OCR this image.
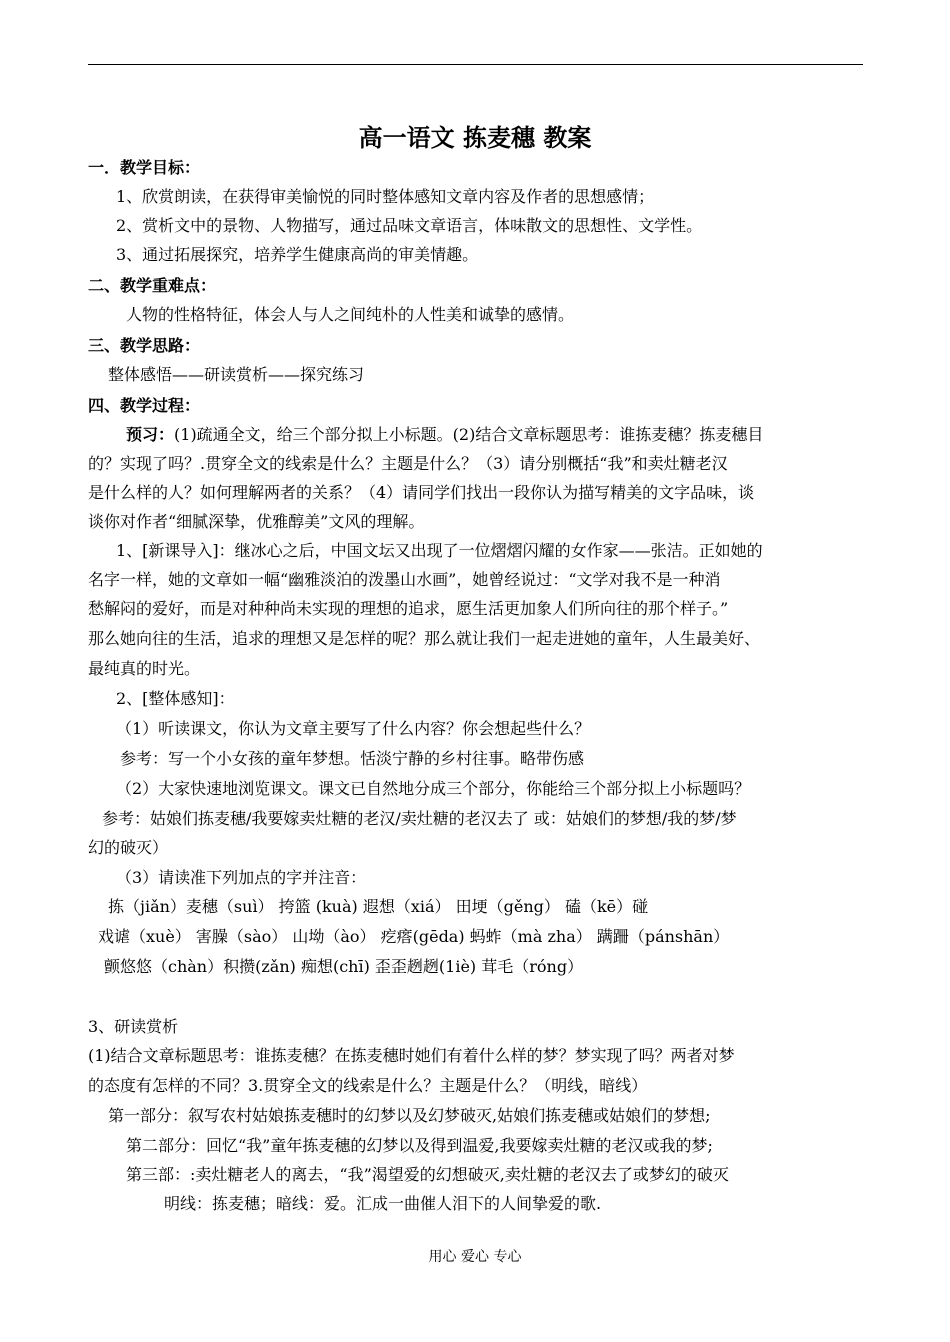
高一语文 拣麦穗 教案
一．教学目标：
1、欣赏朗读，在获得审美愉悦的同时整体感知文章内容及作者的思想感情；
2、赏析文中的景物、人物描写，通过品味文章语言，体味散文的思想性、文学性。
3、通过拓展探究，培养学生健康高尚的审美情趣。
二、教学重难点：
人物的性格特征，体会人与人之间纯朴的人性美和诚挚的感情。
三、教学思路：
整体感悟——研读赏析——探究练习
四、教学过程：
预习：(1)疏通全文，给三个部分拟上小标题。(2)结合文章标题思考：谁拣麦穗？拣麦穗目
的？实现了吗？.贯穿全文的线索是什么？主题是什么？（3）请分别概括“我”和卖灶糖老汉
是什么样的人？如何理解两者的关系？（4）请同学们找出一段你认为描写精美的文字品味，谈
谈你对作者“细腻深挚，优雅醇美”文风的理解。
1、[新课导入]：继冰心之后，中国文坛又出现了一位熠熠闪耀的女作家——张洁。正如她的
名字一样，她的文章如一幅“幽雅淡泊的泼墨山水画”，她曾经说过：“文学对我不是一种消
愁解闷的爱好，而是对种种尚未实现的理想的追求，愿生活更加象人们所向往的那个样子。”
那么她向往的生活，追求的理想又是怎样的呢？那么就让我们一起走进她的童年，人生最美好、
最纯真的时光。
2、[整体感知]：
（1）听读课文，你认为文章主要写了什么内容？你会想起些什么？
参考：写一个小女孩的童年梦想。恬淡宁静的乡村往事。略带伤感
（2）大家快速地浏览课文。课文已自然地分成三个部分，你能给三个部分拟上小标题吗？
参考：姑娘们拣麦穗/我要嫁卖灶糖的老汉/卖灶糖的老汉去了 或：姑娘们的梦想/我的梦/梦
幻的破灭）
（3）请读准下列加点的字并注音：
拣（jiǎn）麦穗（suì） 挎篮 (kuà) 遐想（xiá） 田埂（gěng） 磕（kē）碰
戏谑（xuè） 害臊（sào） 山坳（ào） 疙瘩(gēda) 蚂蚱（mà zha） 蹒跚（pánshān）
颤悠悠（chàn）积攒(zǎn) 痴想(chī) 歪歪趔趔(1iè) 茸毛（róng）
3、研读赏析
(1)结合文章标题思考：谁拣麦穗？在拣麦穗时她们有着什么样的梦？梦实现了吗？两者对梦
的态度有怎样的不同？3.贯穿全文的线索是什么？主题是什么？（明线，暗线）
第一部分：叙写农村姑娘拣麦穗时的幻梦以及幻梦破灭,姑娘们拣麦穗或姑娘们的梦想;
第二部分：回忆“我”童年拣麦穗的幻梦以及得到温爱,我要嫁卖灶糖的老汉或我的梦;
第三部：:卖灶糖老人的离去，“我”渴望爱的幻想破灭,卖灶糖的老汉去了或梦幻的破灭
明线：拣麦穗；暗线：爱。汇成一曲催人泪下的人间挚爱的歌.
用心 爱心 专心
